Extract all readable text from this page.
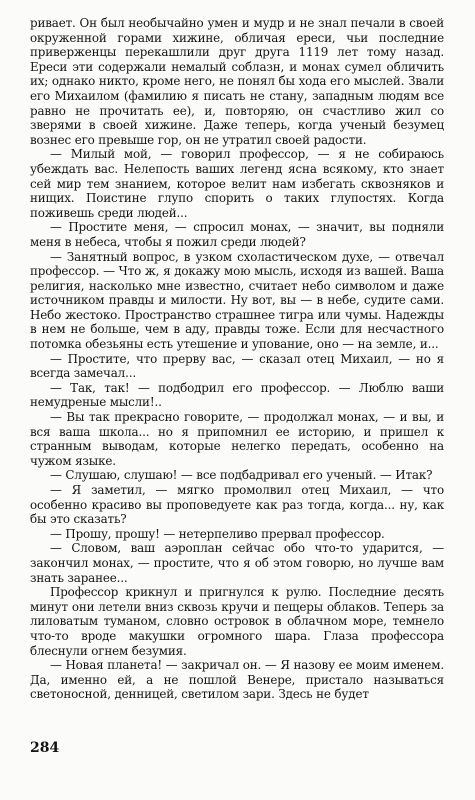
ривает. Он был необычайно умен и мудр и не знал печали в своей окруженной горами хижине, обличая ереси, чьи последние приверженцы перекашлили друг друга 1119 лет тому назад. Ереси эти содержали немалый соблазн, и монах сумел обличить их; однако никто, кроме него, не понял бы хода его мыслей. Звали его Михаилом (фамилию я писать не стану, западным людям все равно не прочитать ее), и, повторяю, он счастливо жил со зверями в своей хижине. Даже теперь, когда ученый безумец вознес его превыше гор, он не утратил своей радости.

— Милый мой, — говорил профессор, — я не собираюсь убеждать вас. Нелепость ваших легенд ясна всякому, кто знает сей мир тем знанием, которое велит нам избегать сквозняков и нищих. Поистине глупо спорить о таких глупостях. Когда поживешь среди людей...

— Простите меня, — спросил монах, — значит, вы подняли меня в небеса, чтобы я пожил среди людей?

— Занятный вопрос, в узком схоластическом духе, — отвечал профессор. — Что ж, я докажу мою мысль, исходя из вашей. Ваша религия, насколько мне известно, считает небо символом и даже источником правды и милости. Ну вот, вы — в небе, судите сами. Небо жестоко. Пространство страшнее тигра или чумы. Надежды в нем не больше, чем в аду, правды тоже. Если для несчастного потомка обезьяны есть утешение и упование, оно — на земле, и...

— Простите, что прерву вас, — сказал отец Михаил, — но я всегда замечал...

— Так, так! — подбодрил его профессор. — Люблю ваши немудреные мысли!..

— Вы так прекрасно говорите, — продолжал монах, — и вы, и вся ваша школа... но я припомнил ее историю, и пришел к странным выводам, которые нелегко передать, особенно на чужом языке.

— Слушаю, слушаю! — все подбадривал его ученый. — Итак?

— Я заметил, — мягко промолвил отец Михаил, — что особенно красиво вы проповедуете как раз тогда, когда... ну, как бы это сказать?

— Прошу, прошу! — нетерпеливо прервал профессор.

— Словом, ваш аэроплан сейчас обо что-то ударится, — закончил монах, — простите, что я об этом говорю, но лучше вам знать заранее...

Профессор крикнул и пригнулся к рулю. Последние десять минут они летели вниз сквозь кручи и пещеры облаков. Теперь за лиловатым туманом, словно островок в облачном море, темнело что-то вроде макушки огромного шара. Глаза профессора блеснули огнем безумия.

— Новая планета! — закричал он. — Я назову ее моим именем. Да, именно ей, а не пошлой Венере, пристало называться светоносной, денницей, светилом зари. Здесь не будет

284
